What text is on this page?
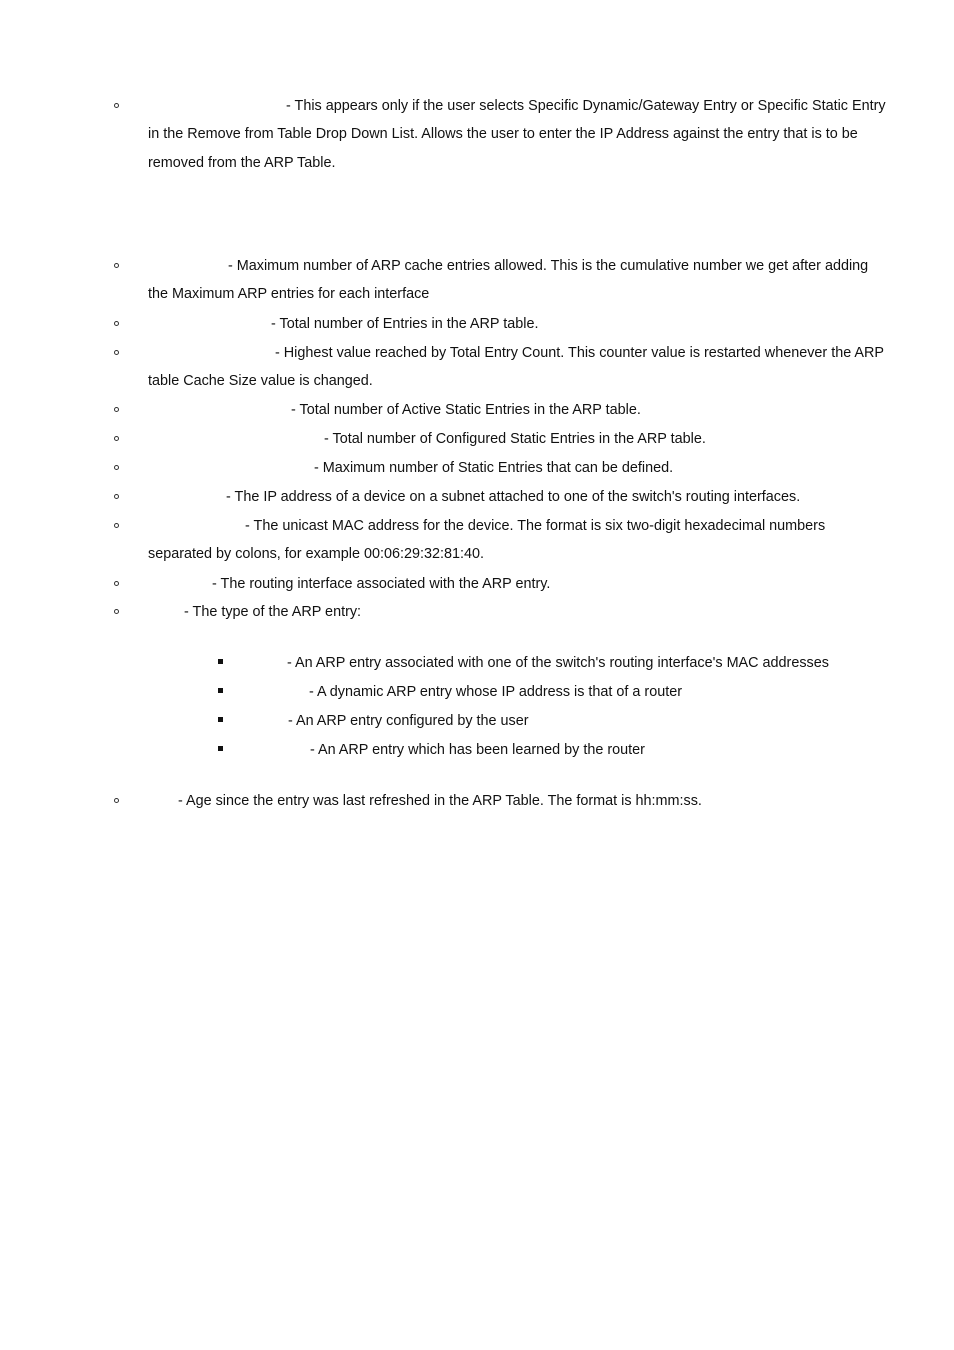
- This appears only if the user selects Specific Dynamic/Gateway Entry or Specific Static Entry
in the Remove from Table Drop Down List. Allows the user to enter the IP Address against the entry that is to be
removed from the ARP Table.
- Maximum number of ARP cache entries allowed. This is the cumulative number we get after adding
the Maximum ARP entries for each interface
- Total number of Entries in the ARP table.
- Highest value reached by Total Entry Count. This counter value is restarted whenever the ARP
table Cache Size value is changed.
- Total number of Active Static Entries in the ARP table.
- Total number of Configured Static Entries in the ARP table.
- Maximum number of Static Entries that can be defined.
- The IP address of a device on a subnet attached to one of the switch's routing interfaces.
- The unicast MAC address for the device. The format is six two-digit hexadecimal numbers
separated by colons, for example 00:06:29:32:81:40.
- The routing interface associated with the ARP entry.
- The type of the ARP entry:
- An ARP entry associated with one of the switch's routing interface's MAC addresses
- A dynamic ARP entry whose IP address is that of a router
- An ARP entry configured by the user
- An ARP entry which has been learned by the router
- Age since the entry was last refreshed in the ARP Table. The format is hh:mm:ss.
